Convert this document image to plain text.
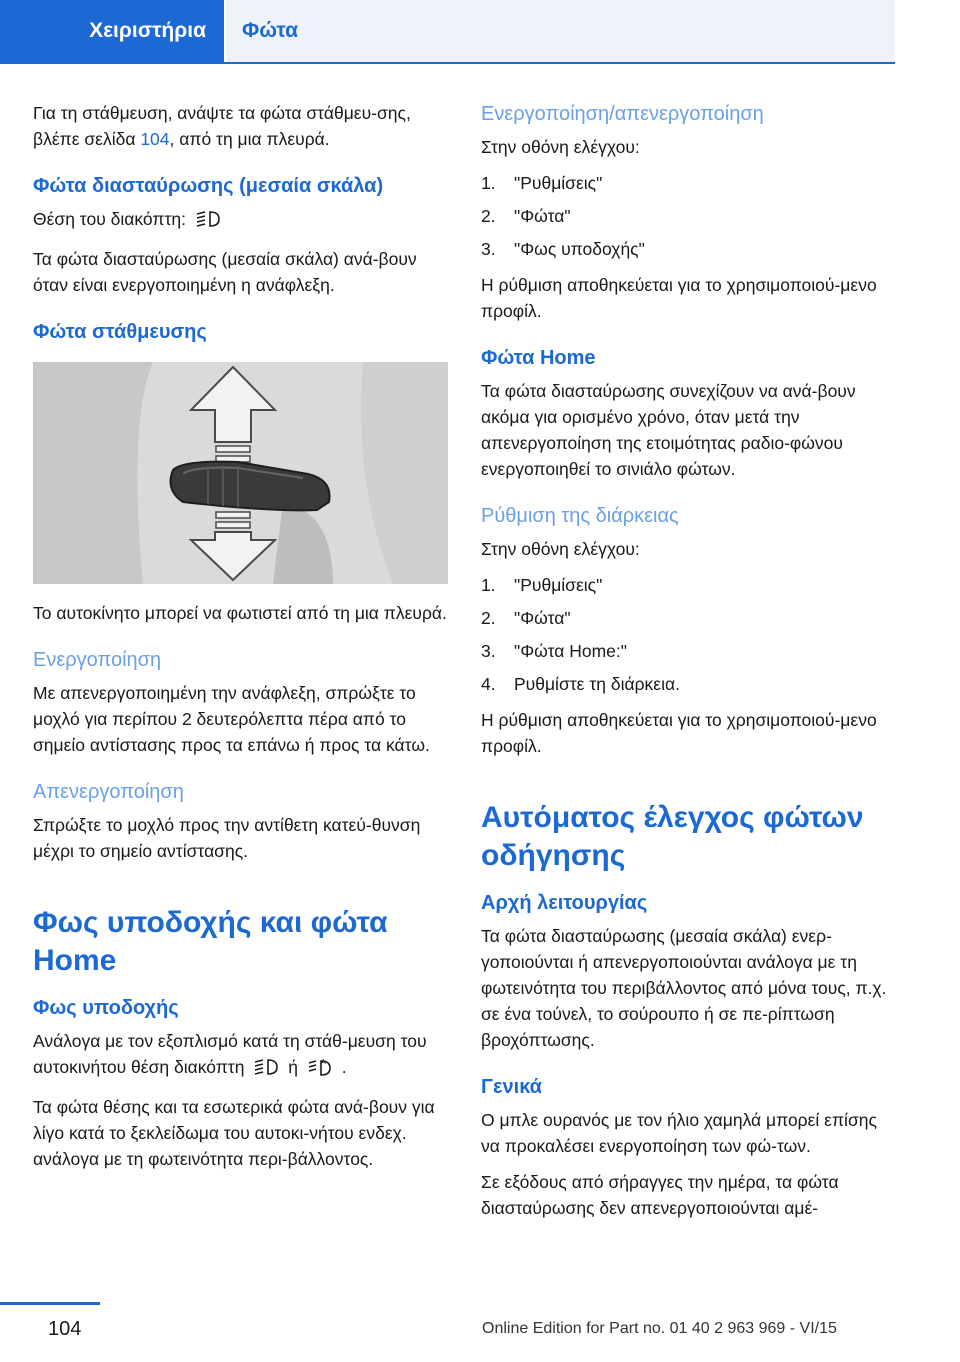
Χειριστήρια	Φώτα

Για τη στάθμευση, ανάψτε τα φώτα στάθμευ‐σης, βλέπε σελίδα 104, από τη μια πλευρά.

Φώτα διασταύρωσης (μεσαία σκάλα)

Θέση του διακόπτη:

Τα φώτα διασταύρωσης (μεσαία σκάλα) ανά‐βουν όταν είναι ενεργοποιημένη η ανάφλεξη.

Φώτα στάθμευσης

Το αυτοκίνητο μπορεί να φωτιστεί από τη μια πλευρά.

Ενεργοποίηση

Με απενεργοποιημένη την ανάφλεξη, σπρώξτε το μοχλό για περίπου 2 δευτερόλεπτα πέρα από το σημείο αντίστασης προς τα επάνω ή προς τα κάτω.

Απενεργοποίηση

Σπρώξτε το μοχλό προς την αντίθετη κατεύ‐θυνση μέχρι το σημείο αντίστασης.

Φως υποδοχής και φώτα Home
Φως υποδοχής

Ανάλογα με τον εξοπλισμό κατά τη στάθ‐μευση του αυτοκινήτου θέση διακόπτη	ή	A .

Τα φώτα θέσης και τα εσωτερικά φώτα ανά‐βουν για λίγο κατά το ξεκλείδωμα του αυτοκι‐νήτου ενδεχ. ανάλογα με τη φωτεινότητα περι‐βάλλοντος.

Ενεργοποίηση/απενεργοποίηση

Στην οθόνη ελέγχου:

1.	"Ρυθμίσεις"
2.	"Φώτα"
3.	"Φως υποδοχής"

Η ρύθμιση αποθηκεύεται για το χρησιμοποιού‐μενο προφίλ.

Φώτα Home

Τα φώτα διασταύρωσης συνεχίζουν να ανά‐βουν ακόμα για ορισμένο χρόνο, όταν μετά την απενεργοποίηση της ετοιμότητας ραδιο‐φώνου ενεργοποιηθεί το σινιάλο φώτων.

Ρύθμιση της διάρκειας

Στην οθόνη ελέγχου:

1.	"Ρυθμίσεις"
2.	"Φώτα"
3.	"Φώτα Home:"
4.	Ρυθμίστε τη διάρκεια.

Η ρύθμιση αποθηκεύεται για το χρησιμοποιού‐μενο προφίλ.

Αυτόματος έλεγχος φώτων οδήγησης
Αρχή λειτουργίας

Τα φώτα διασταύρωσης (μεσαία σκάλα) ενερ‐γοποιούνται ή απενεργοποιούνται ανάλογα με τη φωτεινότητα του περιβάλλοντος από μόνα τους, π.χ. σε ένα τούνελ, το σούρουπο ή σε πε‐ρίπτωση βροχόπτωσης.

Γενικά

Ο μπλε ουρανός με τον ήλιο χαμηλά μπορεί επίσης να προκαλέσει ενεργοποίηση των φώ‐των.

Σε εξόδους από σήραγγες την ημέρα, τα φώτα διασταύρωσης δεν απενεργοποιούνται αμέ‐

104	Online Edition for Part no. 01 40 2 963 969 - VI/15
